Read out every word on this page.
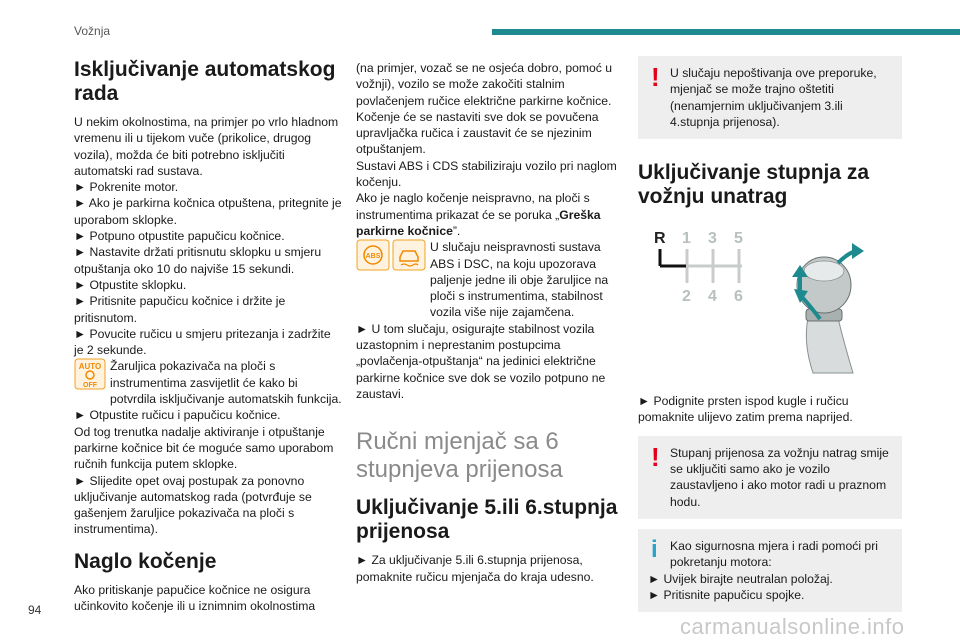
Vožnja
Isključivanje automatskog rada

U nekim okolnostima, na primjer po vrlo hladnom vremenu ili u tijekom vuče (prikolice, drugog vozila), možda će biti potrebno isključiti automatski rad sustava.

► Pokrenite motor.

► Ako je parkirna kočnica otpuštena, pritegnite je uporabom sklopke.

► Potpuno otpustite papučicu kočnice.

► Nastavite držati pritisnutu sklopku u smjeru otpuštanja oko 10 do najviše 15 sekundi.

► Otpustite sklopku.

► Pritisnite papučicu kočnice i držite je pritisnutom.

► Povucite ručicu u smjeru pritezanja i zadržite je 2 sekunde.

AUTO
OFF

Žaruljica pokazivača na ploči s instrumentima zasvijetlit će kako bi potvrdila isključivanje automatskih funkcija.

► Otpustite ručicu i papučicu kočnice.

Od tog trenutka nadalje aktiviranje i otpuštanje parkirne kočnice bit će moguće samo uporabom ručnih funkcija putem sklopke.

► Slijedite opet ovaj postupak za ponovno uključivanje automatskog rada (potvrđuje se gašenjem žaruljice pokazivača na ploči s instrumentima).

Naglo kočenje

Ako pritiskanje papučice kočnice ne osigura učinkovito kočenje ili u iznimnim okolnostima

(na primjer, vozač se ne osjeća dobro, pomoć u vožnji), vozilo se može zakočiti stalnim povlačenjem ručice električne parkirne kočnice. Kočenje će se nastaviti sve dok se povučena upravljačka ručica i zaustavit će se njezinim otpuštanjem.

Sustavi ABS i CDS stabiliziraju vozilo pri naglom kočenju.

Ako je naglo kočenje neispravno, na ploči s instrumentima prikazat će se poruka „Greška parkirne kočnice”.

(ABS)

U slučaju neispravnosti sustava ABS i DSC, na koju upozorava paljenje jedne ili obje žaruljice na ploči s instrumentima, stabilnost vozila više nije zajamčena.

► U tom slučaju, osigurajte stabilnost vozila uzastopnim i neprestanim postupcima „povlačenja-otpuštanja“ na jedinici električne parkirne kočnice sve dok se vozilo potpuno ne zaustavi.

Ručni mjenjač sa 6 stupnjeva prijenosa
Uključivanje 5.ili 6.stupnja prijenosa

► Za uključivanje 5.ili 6.stupnja prijenosa, pomaknite ručicu mjenjača do kraja udesno.

! U slučaju nepoštivanja ove preporuke, mjenjač se može trajno oštetiti (nenamjernim uključivanjem 3.ili 4.stupnja prijenosa).

Uključivanje stupnja za vožnju unatrag
R 1 3 5
2 4 6

► Podignite prsten ispod kugle i ručicu pomaknite ulijevo zatim prema naprijed.

! Stupanj prijenosa za vožnju natrag smije se uključiti samo ako je vozilo zaustavljeno i ako motor radi u praznom hodu.

i	Kao sigurnosna mjera i radi pomoći pri pokretanju motora:

► Uvijek birajte neutralan položaj.

► Pritisnite papučicu spojke.

94
carmanualsonline.info
